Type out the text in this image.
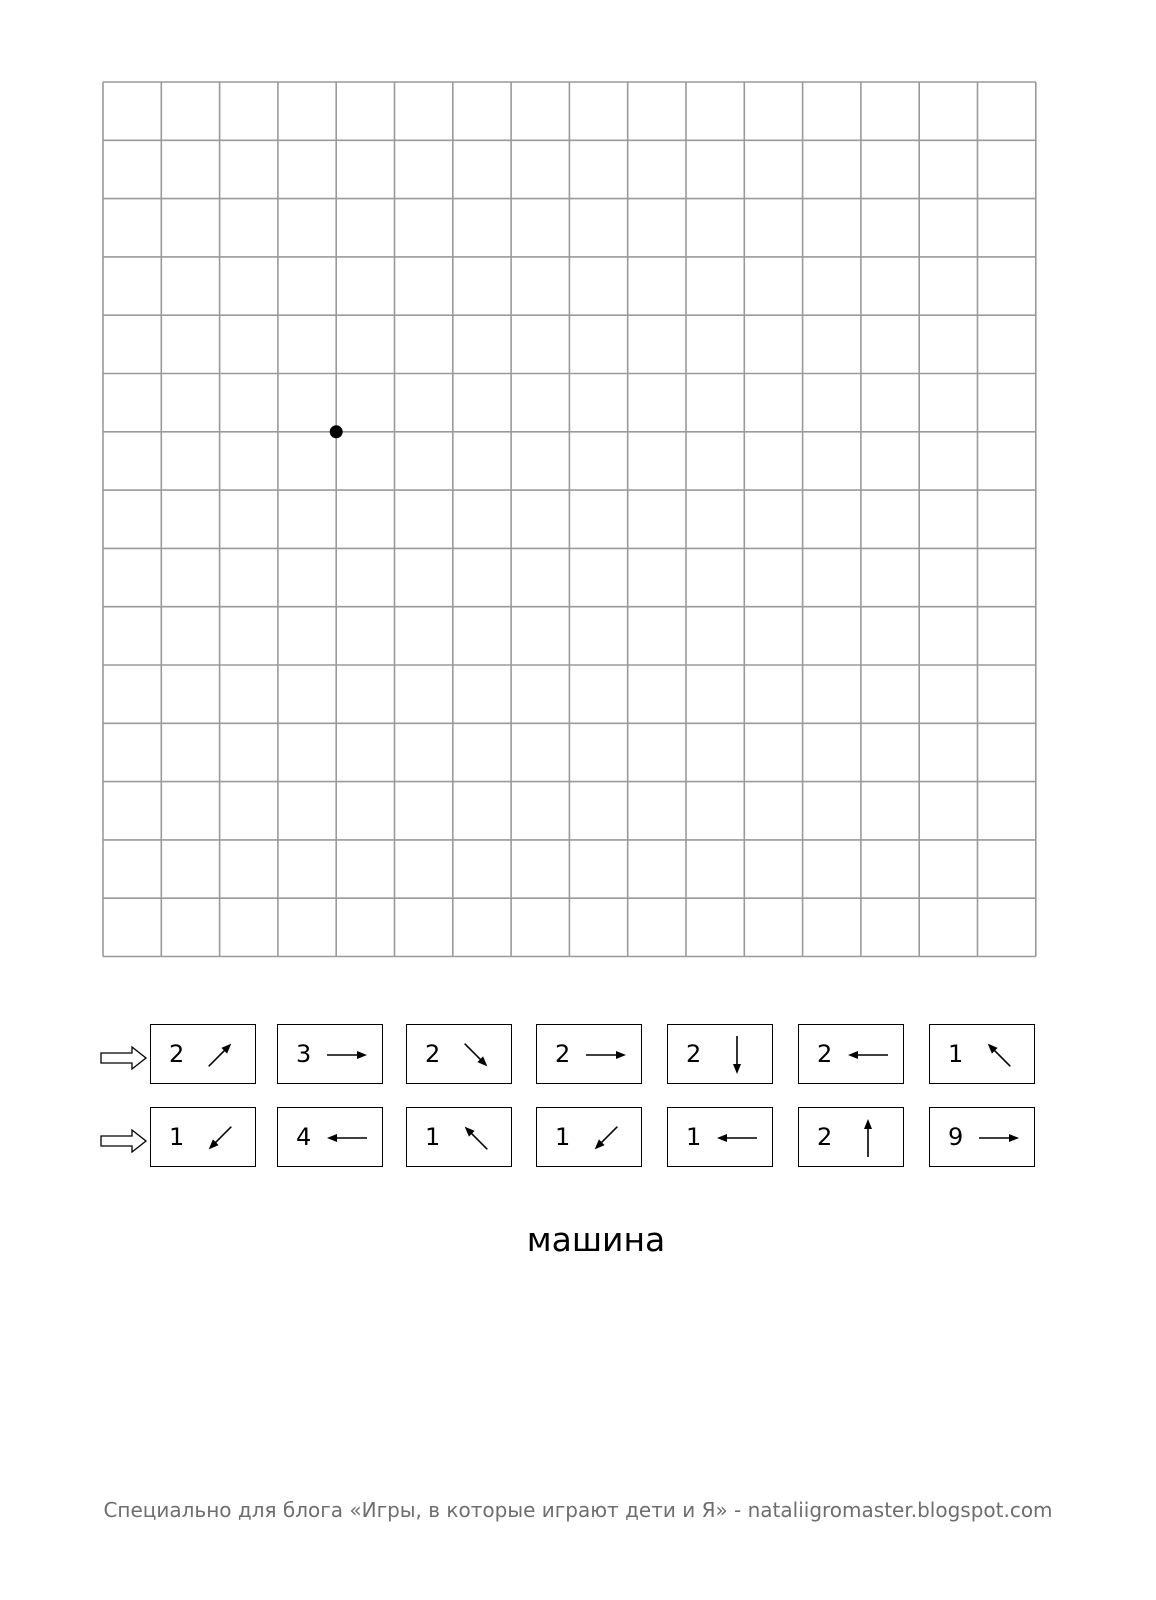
2	3	2	2	2	2	1
1	4	1	1	1	2	9
машина
Специально для блога «Игры, в которые играют дети и Я» - nataliigromaster.blogspot.com
